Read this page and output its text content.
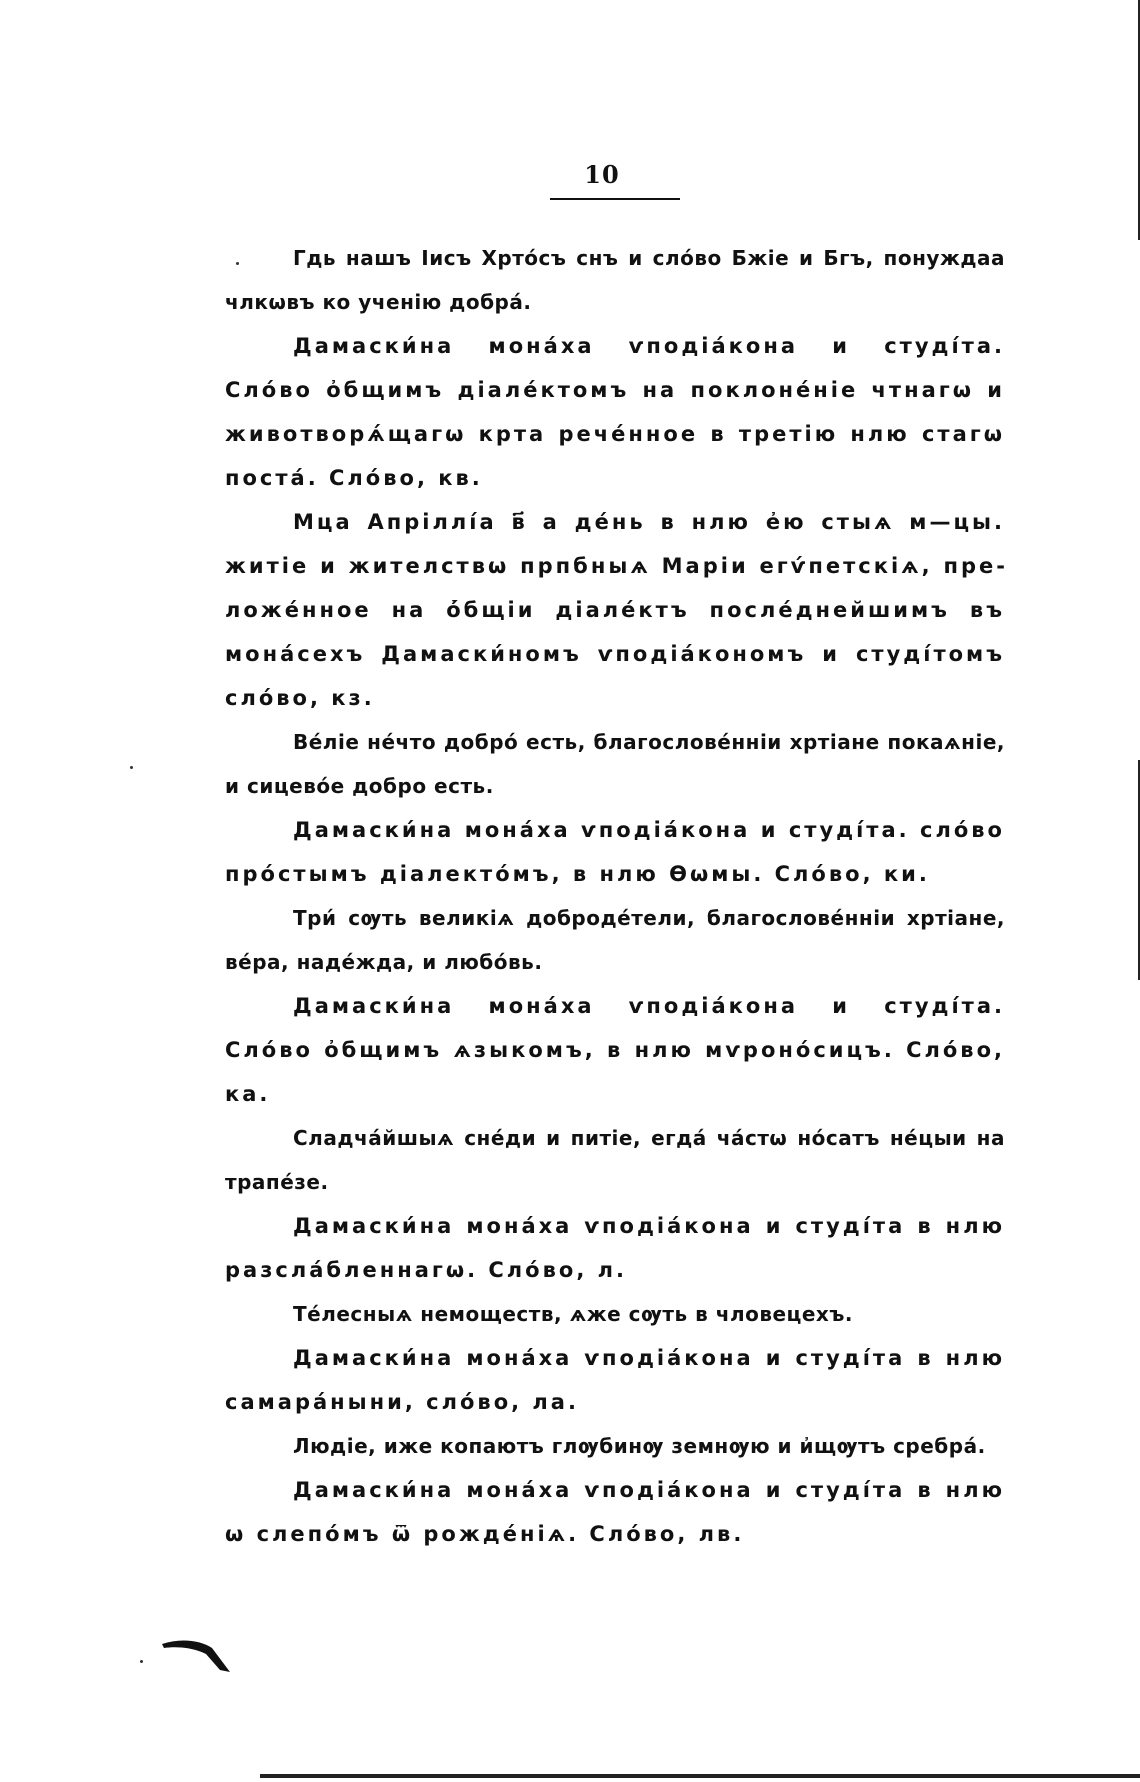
10

Гдь нашъ Іисъ Хрто́съ снъ и сло́во Бжіе и Бгъ, понуждаа члкѡвъ ко ученію добра́.

Дамаски́на мона́ха ѵподіа́кона и студі́та. Сло́во о҆бщимъ діале́ктомъ на поклоне́ніе чтнагѡ и животворѧ́щагѡ крта рече́нное в третію нлю стагѡ поста́. Сло́во, кв.

Мца Апріллі́а в҃ а де́нь в нлю е҆ю стыѧ м—цы. житіе и жителствѡ прпбныѧ Маріи егѵ́петскіѧ, преложе́нное на о҆́бщіи діале́ктъ после́днейшимъ въ мона́сехъ Дамаски́номъ ѵподіа́кономъ и студі́томъ сло́во, кз.

Ве́ліе не́что добро́ есть, благослове́нніи хртіане покаѧніе, и сицево́е добро есть.

Дамаски́на мона́ха ѵподіа́кона и студі́та. сло́во про́стымъ діалекто́мъ, в нлю Ѳѡмы. Сло́во, ки.

Три́ сѹть великіѧ доброде́тели, благослове́нніи хртіане, ве́ра, наде́жда, и любо́вь.

Дамаски́на мона́ха ѵподіа́кона и студі́та. Сло́во о҆бщимъ ѧзыкомъ, в нлю мѵроно́сицъ. Сло́во, ка.

Сладча́йшыѧ сне́ди и питіе, егда́ ча́стѡ но́сатъ не́цыи на трапе́зе.

Дамаски́на мона́ха ѵподіа́кона и студі́та в нлю разсла́бленнагѡ. Сло́во, л.

Те́лесныѧ немоществ, ѧже сѹть в чловецехъ.

Дамаски́на мона́ха ѵподіа́кона и студі́та в нлю самара́ныни, сло́во, ла.

Людіе, иже копаютъ глѹбинѹ земнѹю и и҆щѹтъ сребра́.

Дамаски́на мона́ха ѵподіа́кона и студі́та в нлю ѡ слепо́мъ ѿ рожде́ніѧ. Сло́во, лв.
